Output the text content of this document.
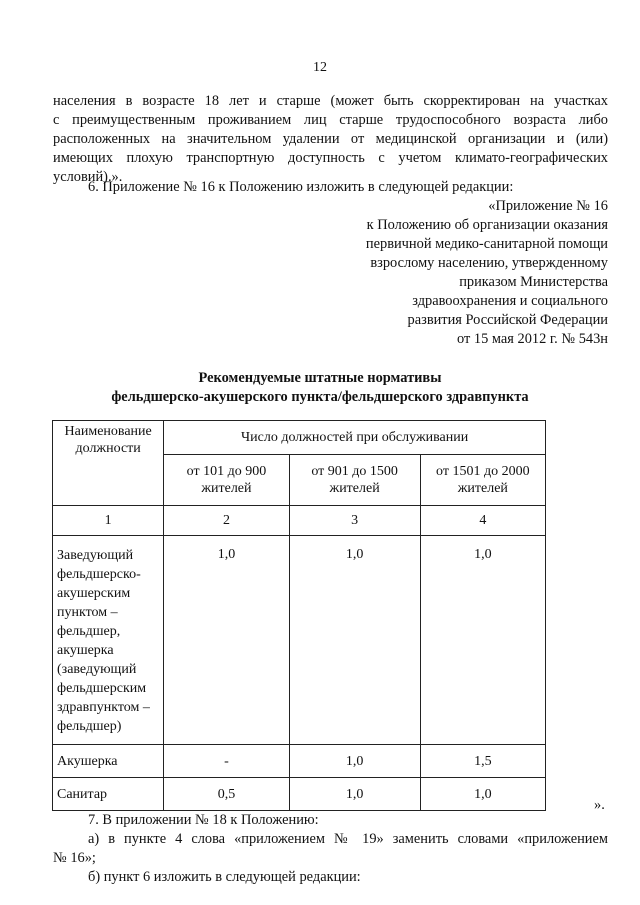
12
населения в возрасте 18 лет и старше (может быть скорректирован на участках
с преимущественным проживанием лиц старше трудоспособного возраста либо
расположенных на значительном удалении от медицинской организации и (или)
имеющих плохую транспортную доступность с учетом климато-географических
условий).».
6. Приложение № 16 к Положению изложить в следующей редакции:
«Приложение № 16
к Положению об организации оказания
первичной медико-санитарной помощи
взрослому населению, утвержденному
приказом Министерства
здравоохранения и социального
развития Российской Федерации
от 15 мая 2012 г. № 543н
Рекомендуемые штатные нормативы
фельдшерско-акушерского пункта/фельдшерского здравпункта
Наименование должности	Число должностей при обслуживании		
	от 101 до 900 жителей	от 901 до 1500 жителей	от 1501 до 2000 жителей
1	2	3	4
Заведующий фельдшерско-акушерским пунктом – фельдшер, акушерка (заведующий фельдшерским здравпунктом – фельдшер)	1,0	1,0	1,0
Акушерка	-	1,0	1,5
Санитар	0,5	1,0	1,0
».
7. В приложении № 18 к Положению:
а) в пункте 4 слова «приложением № 19» заменить словами «приложением
№ 16»;
б) пункт 6 изложить в следующей редакции:
